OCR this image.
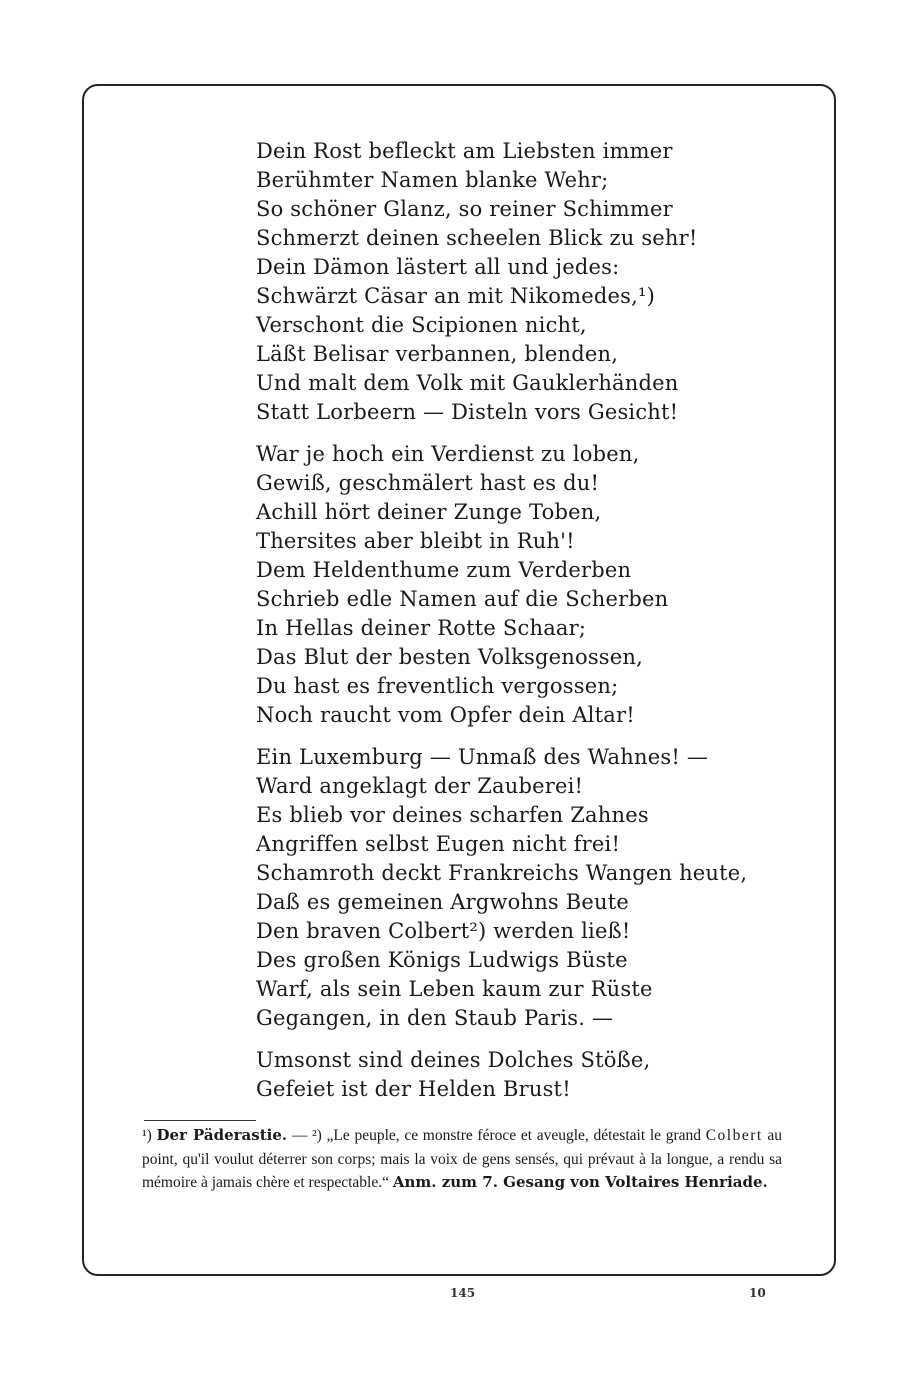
Dein Rost befleckt am Liebsten immer
Berühmter Namen blanke Wehr;
So schöner Glanz, so reiner Schimmer
Schmerzt deinen scheelen Blick zu sehr!
Dein Dämon lästert all und jedes:
Schwärzt Cäsar an mit Nikomedes,¹)
Verschont die Scipionen nicht,
Läßt Belisar verbannen, blenden,
Und malt dem Volk mit Gauklerhänden
Statt Lorbeern — Disteln vors Gesicht!
War je hoch ein Verdienst zu loben,
Gewiß, geschmälert hast es du!
Achill hört deiner Zunge Toben,
Thersites aber bleibt in Ruh'!
Dem Heldenthume zum Verderben
Schrieb edle Namen auf die Scherben
In Hellas deiner Rotte Schaar;
Das Blut der besten Volksgenossen,
Du hast es freventlich vergossen;
Noch raucht vom Opfer dein Altar!
Ein Luxemburg — Unmaß des Wahnes! —
Ward angeklagt der Zauberei!
Es blieb vor deines scharfen Zahnes
Angriffen selbst Eugen nicht frei!
Schamroth deckt Frankreichs Wangen heute,
Daß es gemeinen Argwohns Beute
Den braven Colbert²) werden ließ!
Des großen Königs Ludwigs Büste
Warf, als sein Leben kaum zur Rüste
Gegangen, in den Staub Paris. —
Umsonst sind deines Dolches Stöße,
Gefeiet ist der Helden Brust!
¹) Der Päderastie. — ²) „Le peuple, ce monstre féroce et aveugle, détestait le grand Colbert au point, qu'il voulut déterrer son corps; mais la voix de gens sensés, qui prévaut à la longue, a rendu sa mémoire à jamais chère et respectable.“ Anm. zum 7. Gesang von Voltaires Henriade.
145	10
